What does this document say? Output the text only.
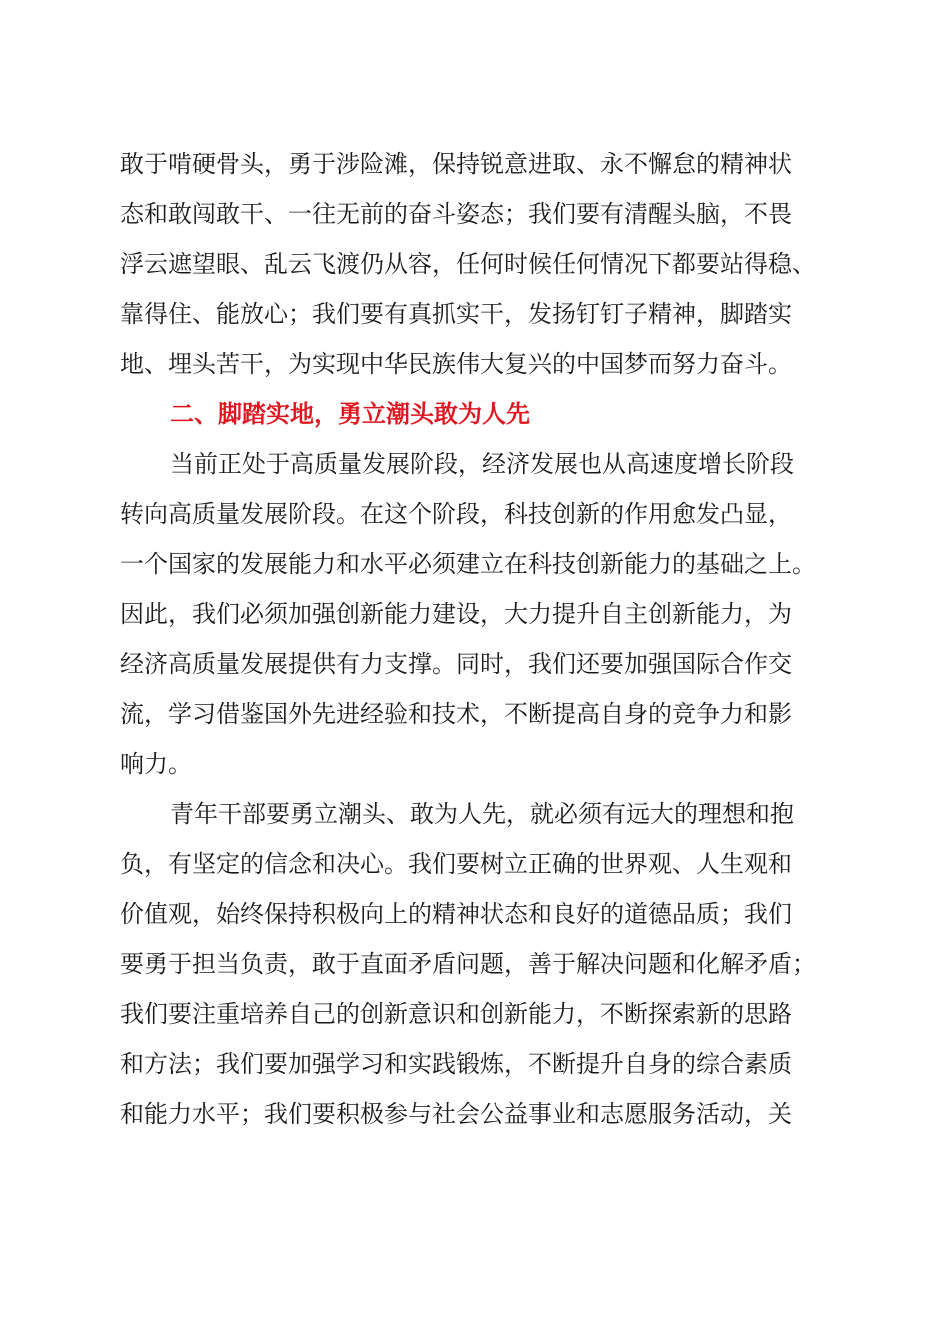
敢于啃硬骨头，勇于涉险滩，保持锐意进取、永不懈怠的精神状
态和敢闯敢干、一往无前的奋斗姿态；我们要有清醒头脑，不畏
浮云遮望眼、乱云飞渡仍从容，任何时候任何情况下都要站得稳、
靠得住、能放心；我们要有真抓实干，发扬钉钉子精神，脚踏实
地、埋头苦干，为实现中华民族伟大复兴的中国梦而努力奋斗。
二、脚踏实地，勇立潮头敢为人先
当前正处于高质量发展阶段，经济发展也从高速度增长阶段
转向高质量发展阶段。在这个阶段，科技创新的作用愈发凸显，
一个国家的发展能力和水平必须建立在科技创新能力的基础之上。
因此，我们必须加强创新能力建设，大力提升自主创新能力，为
经济高质量发展提供有力支撑。同时，我们还要加强国际合作交
流，学习借鉴国外先进经验和技术，不断提高自身的竞争力和影
响力。
青年干部要勇立潮头、敢为人先，就必须有远大的理想和抱
负，有坚定的信念和决心。我们要树立正确的世界观、人生观和
价值观，始终保持积极向上的精神状态和良好的道德品质；我们
要勇于担当负责，敢于直面矛盾问题，善于解决问题和化解矛盾；
我们要注重培养自己的创新意识和创新能力，不断探索新的思路
和方法；我们要加强学习和实践锻炼，不断提升自身的综合素质
和能力水平；我们要积极参与社会公益事业和志愿服务活动，关
